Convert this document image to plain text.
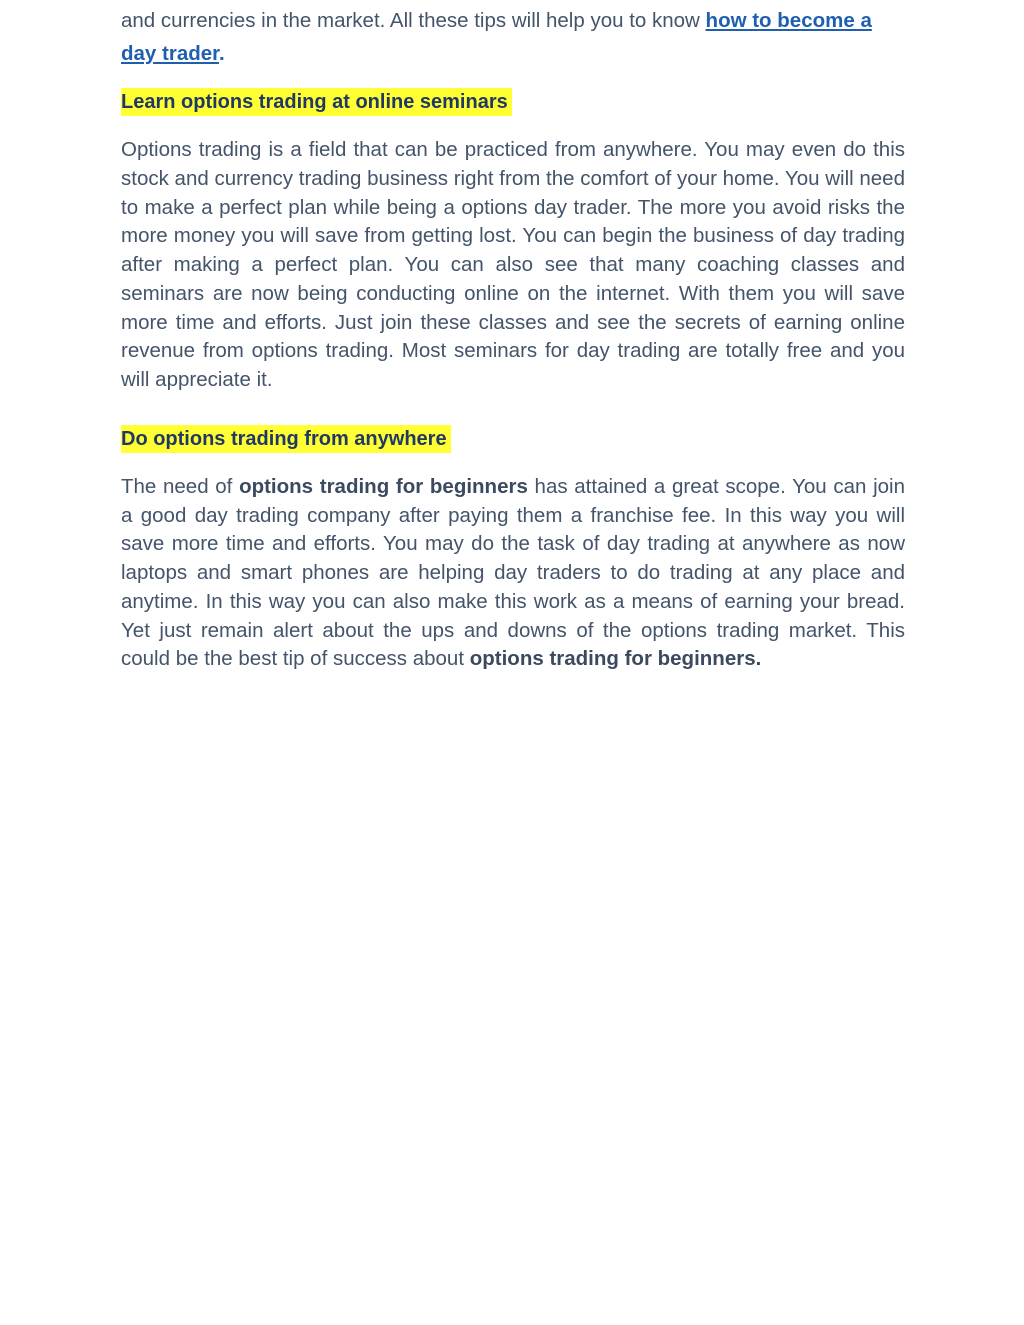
and currencies in the market. All these tips will help you to know how to become a day trader.

Learn options trading at online seminars

Options trading is a field that can be practiced from anywhere. You may even do this stock and currency trading business right from the comfort of your home. You will need to make a perfect plan while being a options day trader. The more you avoid risks the more money you will save from getting lost. You can begin the business of day trading after making a perfect plan. You can also see that many coaching classes and seminars are now being conducting online on the internet. With them you will save more time and efforts. Just join these classes and see the secrets of earning online revenue from options trading. Most seminars for day trading are totally free and you will appreciate it.

Do options trading from anywhere

The need of options trading for beginners has attained a great scope. You can join a good day trading company after paying them a franchise fee. In this way you will save more time and efforts. You may do the task of day trading at anywhere as now laptops and smart phones are helping day traders to do trading at any place and anytime. In this way you can also make this work as a means of earning your bread. Yet just remain alert about the ups and downs of the options trading market. This could be the best tip of success about options trading for beginners.
